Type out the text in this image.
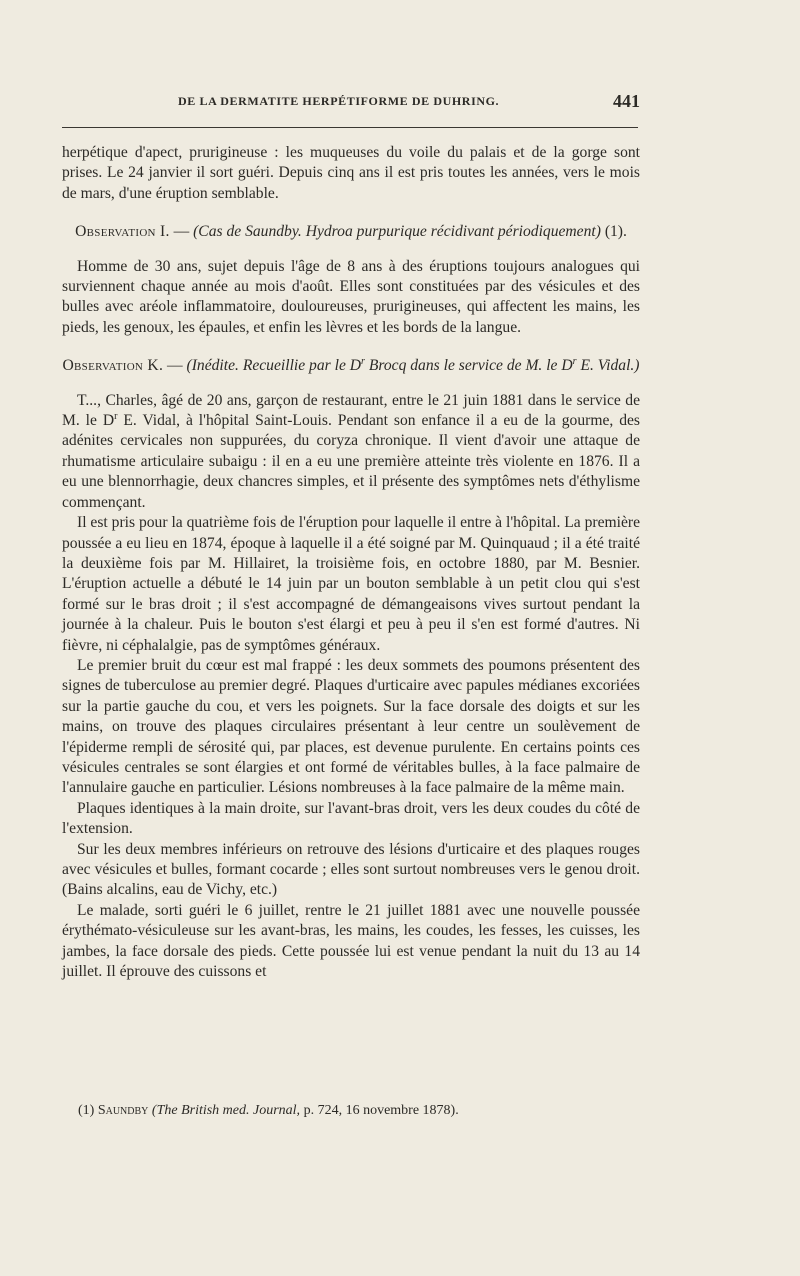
DE LA DERMATITE HERPÉTIFORME DE DUHRING.	441

herpétique d'apect, prurigineuse : les muqueuses du voile du palais et de la gorge sont prises. Le 24 janvier il sort guéri. Depuis cinq ans il est pris toutes les années, vers le mois de mars, d'une éruption semblable.

Observation I. — (Cas de Saundby. Hydroa purpurique récidivant périodiquement) (1).

Homme de 30 ans, sujet depuis l'âge de 8 ans à des éruptions toujours analogues qui surviennent chaque année au mois d'août. Elles sont constituées par des vésicules et des bulles avec aréole inflammatoire, douloureuses, prurigineuses, qui affectent les mains, les pieds, les genoux, les épaules, et enfin les lèvres et les bords de la langue.

Observation K. — (Inédite. Recueillie par le $D^r$ Brocq dans le service de M. le $D^r$ E. Vidal.)

T..., Charles, âgé de 20 ans, garçon de restaurant, entre le 21 juin 1881 dans le service de M. le $D^r$ E. Vidal, à l'hôpital Saint-Louis. Pendant son enfance il a eu de la gourme, des adénites cervicales non suppurées, du coryza chronique. Il vient d'avoir une attaque de rhumatisme articulaire subaigu : il en a eu une première atteinte très violente en 1876. Il a eu une blennorrhagie, deux chancres simples, et il présente des symptômes nets d'éthylisme commençant.

Il est pris pour la quatrième fois de l'éruption pour laquelle il entre à l'hôpital. La première poussée a eu lieu en 1874, époque à laquelle il a été soigné par M. Quinquaud ; il a été traité la deuxième fois par M. Hillairet, la troisième fois, en octobre 1880, par M. Besnier. L'éruption actuelle a débuté le 14 juin par un bouton semblable à un petit clou qui s'est formé sur le bras droit ; il s'est accompagné de démangeaisons vives surtout pendant la journée à la chaleur. Puis le bouton s'est élargi et peu à peu il s'en est formé d'autres. Ni fièvre, ni céphalalgie, pas de symptômes généraux.

Le premier bruit du cœur est mal frappé : les deux sommets des poumons présentent des signes de tuberculose au premier degré. Plaques d'urticaire avec papules médianes excoriées sur la partie gauche du cou, et vers les poignets. Sur la face dorsale des doigts et sur les mains, on trouve des plaques circulaires présentant à leur centre un soulèvement de l'épiderme rempli de sérosité qui, par places, est devenue purulente. En certains points ces vésicules centrales se sont élargies et ont formé de véritables bulles, à la face palmaire de l'annulaire gauche en particulier. Lésions nombreuses à la face palmaire de la même main.

Plaques identiques à la main droite, sur l'avant-bras droit, vers les deux coudes du côté de l'extension.

Sur les deux membres inférieurs on retrouve des lésions d'urticaire et des plaques rouges avec vésicules et bulles, formant cocarde ; elles sont surtout nombreuses vers le genou droit. (Bains alcalins, eau de Vichy, etc.)

Le malade, sorti guéri le 6 juillet, rentre le 21 juillet 1881 avec une nouvelle poussée érythémato-vésiculeuse sur les avant-bras, les mains, les coudes, les fesses, les cuisses, les jambes, la face dorsale des pieds. Cette poussée lui est venue pendant la nuit du 13 au 14 juillet. Il éprouve des cuissons et

(1) Saundby (The British med. Journal, p. 724, 16 novembre 1878).
